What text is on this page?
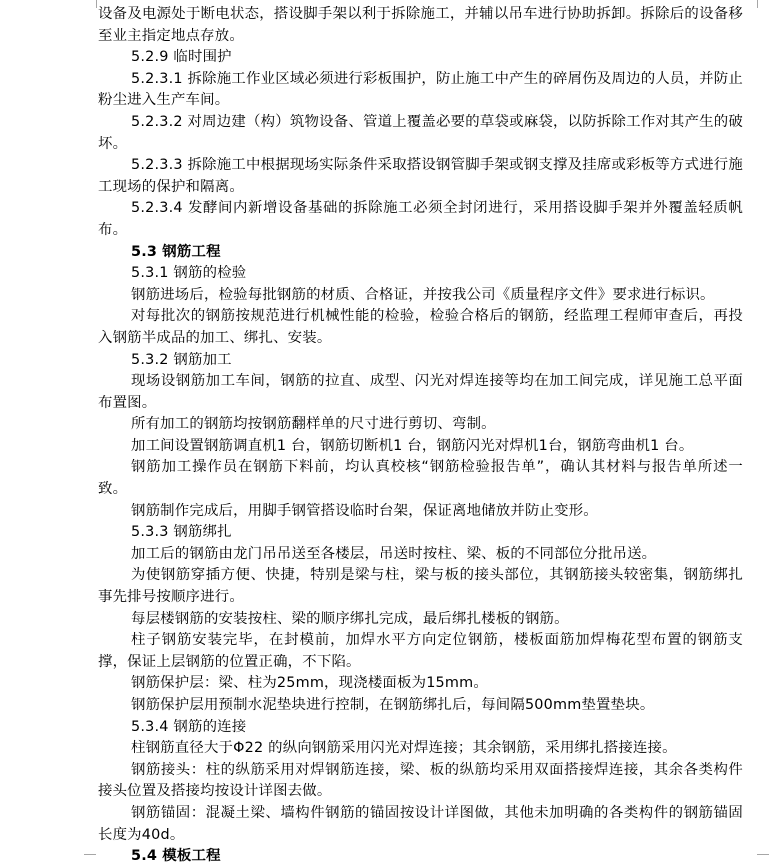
设备及电源处于断电状态，搭设脚手架以利于拆除施工，并辅以吊车进行协助拆卸。拆除后的设备移至业主指定地点存放。

5.2.9 临时围护

5.2.3.1 拆除施工作业区域必须进行彩板围护，防止施工中产生的碎屑伤及周边的人员，并防止粉尘进入生产车间。

5.2.3.2 对周边建（构）筑物设备、管道上覆盖必要的草袋或麻袋，以防拆除工作对其产生的破坏。

5.2.3.3 拆除施工中根据现场实际条件采取搭设钢管脚手架或钢支撑及挂席或彩板等方式进行施工现场的保护和隔离。

5.2.3.4 发酵间内新增设备基础的拆除施工必须全封闭进行，采用搭设脚手架并外覆盖轻质帆布。

5.3 钢筋工程

5.3.1 钢筋的检验

钢筋进场后，检验每批钢筋的材质、合格证，并按我公司《质量程序文件》要求进行标识。

对每批次的钢筋按规范进行机械性能的检验，检验合格后的钢筋，经监理工程师审查后，再投入钢筋半成品的加工、绑扎、安装。

5.3.2 钢筋加工

现场设钢筋加工车间，钢筋的拉直、成型、闪光对焊连接等均在加工间完成，详见施工总平面布置图。

所有加工的钢筋均按钢筋翻样单的尺寸进行剪切、弯制。

加工间设置钢筋调直机1 台，钢筋切断机1 台，钢筋闪光对焊机1台，钢筋弯曲机1 台。

钢筋加工操作员在钢筋下料前，均认真校核“钢筋检验报告单”，确认其材料与报告单所述一致。

钢筋制作完成后，用脚手钢管搭设临时台架，保证离地储放并防止变形。

5.3.3 钢筋绑扎

加工后的钢筋由龙门吊吊送至各楼层，吊送时按柱、梁、板的不同部位分批吊送。

为使钢筋穿插方便、快捷，特别是梁与柱，梁与板的接头部位，其钢筋接头较密集，钢筋绑扎事先排号按顺序进行。

每层楼钢筋的安装按柱、梁的顺序绑扎完成，最后绑扎楼板的钢筋。

柱子钢筋安装完毕，在封模前，加焊水平方向定位钢筋，楼板面筋加焊梅花型布置的钢筋支撑，保证上层钢筋的位置正确，不下陷。

钢筋保护层：梁、柱为25mm，现浇楼面板为15mm。

钢筋保护层用预制水泥垫块进行控制，在钢筋绑扎后，每间隔500mm垫置垫块。

5.3.4 钢筋的连接

柱钢筋直径大于Φ22 的纵向钢筋采用闪光对焊连接；其余钢筋，采用绑扎搭接连接。

钢筋接头：柱的纵筋采用对焊钢筋连接，梁、板的纵筋均采用双面搭接焊连接，其余各类构件接头位置及搭接均按设计详图去做。

钢筋锚固：混凝土梁、墙构件钢筋的锚固按设计详图做，其他未加明确的各类构件的钢筋锚固长度为40d。

5.4 模板工程
